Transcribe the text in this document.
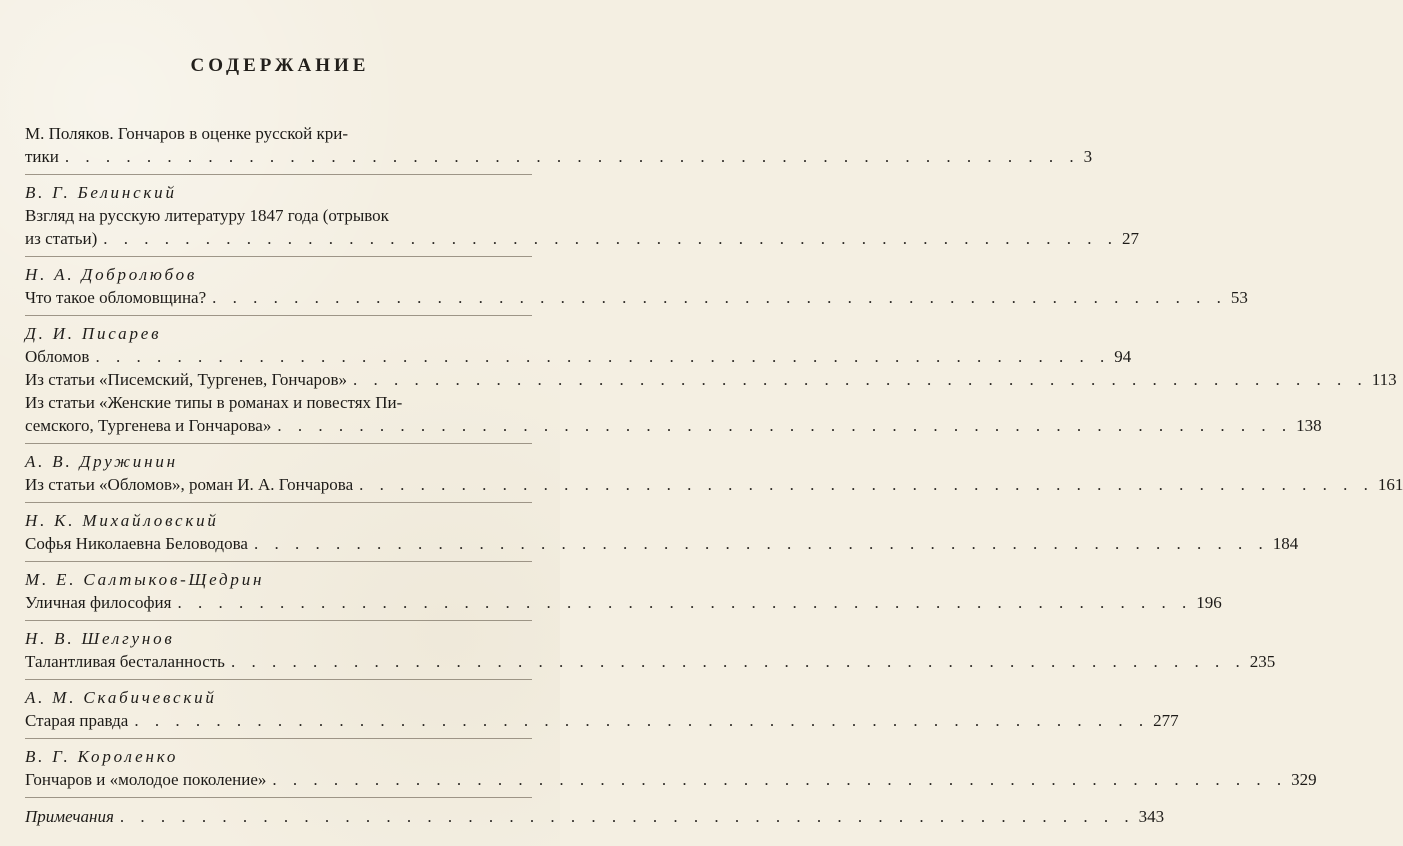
СОДЕРЖАНИЕ
М. Поляков. Гончаров в оценке русской кри-
тики . . . . . . . . . . . . . . . . . . . . . . . . . . . . . . . . . . . . . . . . . . . . . . . . . . 3
В. Г. Белинский
Взгляд на русскую литературу 1847 года (отрывок
из статьи) . . . . . . . . . . . . . . . . . . . . . . . . . . . . . . . . . . . . . . . . . . . . . . . . . . 27
Н. А. Добролюбов
Что такое обломовщина? . . . . . . . . . . . . . . . . . . . . . . . . . . . . . . . . . . . . . . . . . . . . . . . . . . 53
Д. И. Писарев
Обломов . . . . . . . . . . . . . . . . . . . . . . . . . . . . . . . . . . . . . . . . . . . . . . . . . . 94
Из статьи «Писемский, Тургенев, Гончаров» . . . . . . . . . . . . . . . . . . . . . . . . . . . . . . . . . . . . . . . . . . . . . . . . . . 113
Из статьи «Женские типы в романах и повестях Пи-
семского, Тургенева и Гончарова» . . . . . . . . . . . . . . . . . . . . . . . . . . . . . . . . . . . . . . . . . . . . . . . . . . 138
А. В. Дружинин
Из статьи «Обломов», роман И. А. Гончарова . . . . . . . . . . . . . . . . . . . . . . . . . . . . . . . . . . . . . . . . . . . . . . . . . . 161
Н. К. Михайловский
Софья Николаевна Беловодова . . . . . . . . . . . . . . . . . . . . . . . . . . . . . . . . . . . . . . . . . . . . . . . . . . 184
М. Е. Салтыков-Щедрин
Уличная философия . . . . . . . . . . . . . . . . . . . . . . . . . . . . . . . . . . . . . . . . . . . . . . . . . . 196
Н. В. Шелгунов
Талантливая бесталанность . . . . . . . . . . . . . . . . . . . . . . . . . . . . . . . . . . . . . . . . . . . . . . . . . . 235
А. М. Скабичевский
Старая правда . . . . . . . . . . . . . . . . . . . . . . . . . . . . . . . . . . . . . . . . . . . . . . . . . . 277
В. Г. Короленко
Гончаров и «молодое поколение» . . . . . . . . . . . . . . . . . . . . . . . . . . . . . . . . . . . . . . . . . . . . . . . . . . 329
Примечания . . . . . . . . . . . . . . . . . . . . . . . . . . . . . . . . . . . . . . . . . . . . . . . . . . 343
